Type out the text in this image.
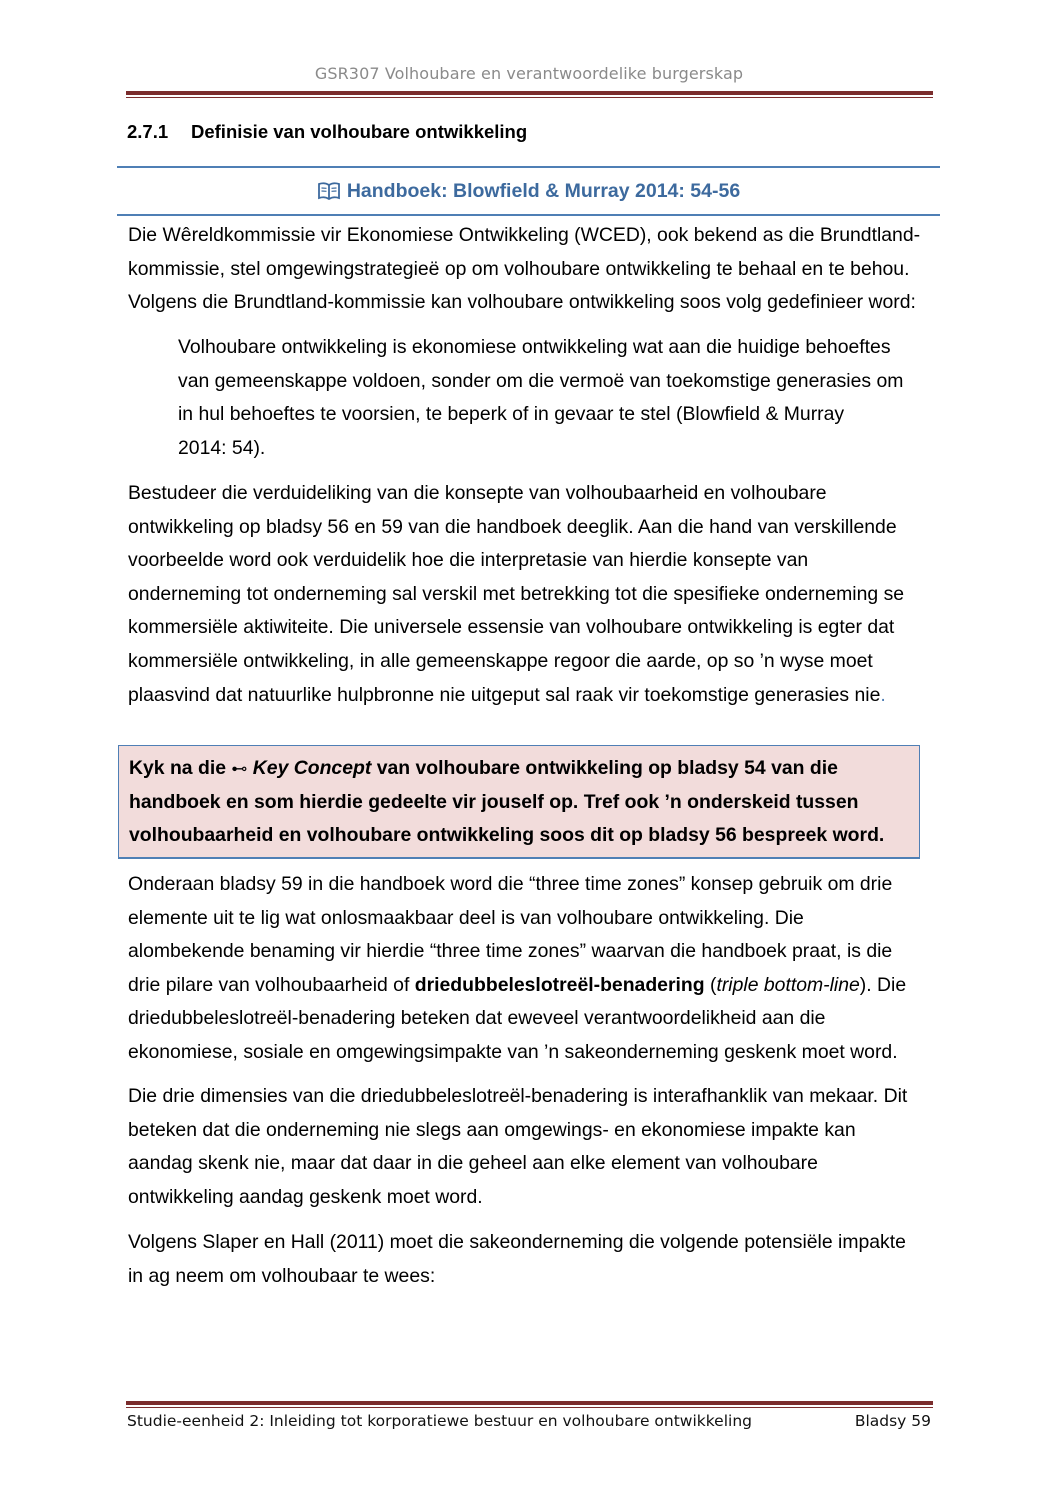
GSR307 Volhoubare en verantwoordelike burgerskap
2.7.1 Definisie van volhoubare ontwikkeling
Handboek: Blowfield & Murray 2014: 54-56

Die Wêreldkommissie vir Ekonomiese Ontwikkeling (WCED), ook bekend as die Brundtland-
kommissie, stel omgewingstrategieë op om volhoubare ontwikkeling te behaal en te behou.
Volgens die Brundtland-kommissie kan volhoubare ontwikkeling soos volg gedefinieer word:

Volhoubare ontwikkeling is ekonomiese ontwikkeling wat aan die huidige behoeftes
van gemeenskappe voldoen, sonder om die vermoë van toekomstige generasies om
in hul behoeftes te voorsien, te beperk of in gevaar te stel (Blowfield & Murray
2014: 54).

Bestudeer die verduideliking van die konsepte van volhoubaarheid en volhoubare
ontwikkeling op bladsy 56 en 59 van die handboek deeglik. Aan die hand van verskillende
voorbeelde word ook verduidelik hoe die interpretasie van hierdie konsepte van
onderneming tot onderneming sal verskil met betrekking tot die spesifieke onderneming se
kommersiële aktiwiteite. Die universele essensie van volhoubare ontwikkeling is egter dat
kommersiële ontwikkeling, in alle gemeenskappe regoor die aarde, op so ’n wyse moet
plaasvind dat natuurlike hulpbronne nie uitgeput sal raak vir toekomstige generasies nie.

Kyk na die ⊷ Key Concept van volhoubare ontwikkeling op bladsy 54 van die
handboek en som hierdie gedeelte vir jouself op. Tref ook ’n onderskeid tussen
volhoubaarheid en volhoubare ontwikkeling soos dit op bladsy 56 bespreek word.

Onderaan bladsy 59 in die handboek word die “three time zones” konsep gebruik om drie
elemente uit te lig wat onlosmaakbaar deel is van volhoubare ontwikkeling. Die
alombekende benaming vir hierdie “three time zones” waarvan die handboek praat, is die
drie pilare van volhoubaarheid of driedubbeleslotreël-benadering (triple bottom-line). Die
driedubbeleslotreël-benadering beteken dat eweveel verantwoordelikheid aan die
ekonomiese, sosiale en omgewingsimpakte van ’n sakeonderneming geskenk moet word.

Die drie dimensies van die driedubbeleslotreël-benadering is interafhanklik van mekaar. Dit
beteken dat die onderneming nie slegs aan omgewings- en ekonomiese impakte kan
aandag skenk nie, maar dat daar in die geheel aan elke element van volhoubare
ontwikkeling aandag geskenk moet word.

Volgens Slaper en Hall (2011) moet die sakeonderneming die volgende potensiële impakte
in ag neem om volhoubaar te wees:

Studie-eenheid 2: Inleiding tot korporatiewe bestuur en volhoubare ontwikkeling	Bladsy 59
